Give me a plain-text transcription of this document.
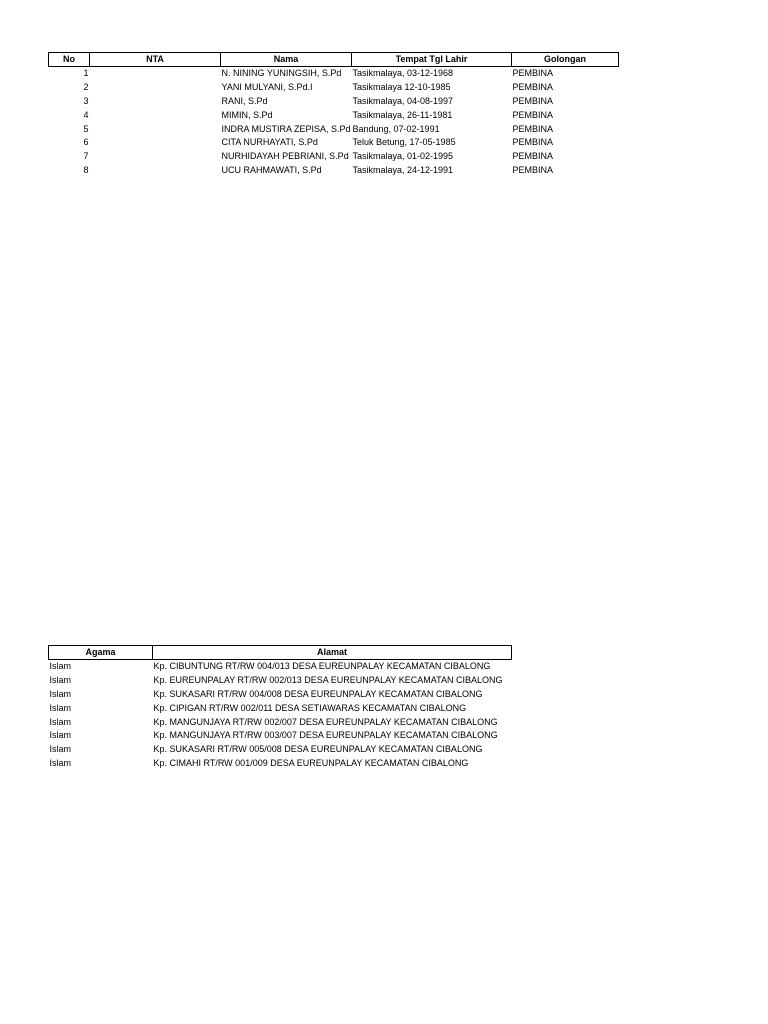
No	NTA	Nama	Tempat Tgl Lahir	Golongan
1		N. NINING YUNINGSIH, S.Pd	Tasikmalaya, 03-12-1968	PEMBINA
2		YANI MULYANI, S.Pd.I	Tasikmalaya 12-10-1985	PEMBINA
3		RANI, S.Pd	Tasikmalaya, 04-08-1997	PEMBINA
4		MIMIN, S.Pd	Tasikmalaya, 26-11-1981	PEMBINA
5		INDRA MUSTIRA ZEPISA, S.Pd	Bandung, 07-02-1991	PEMBINA
6		CITA NURHAYATI, S.Pd	Teluk Betung, 17-05-1985	PEMBINA
7		NURHIDAYAH PEBRIANI, S.Pd	Tasikmalaya, 01-02-1995	PEMBINA
8		UCU RAHMAWATI, S.Pd	Tasikmalaya, 24-12-1991	PEMBINA
Agama	Alamat
Islam	Kp. CIBUNTUNG RT/RW 004/013 DESA EUREUNPALAY KECAMATAN CIBALONG
Islam	Kp. EUREUNPALAY RT/RW 002/013 DESA EUREUNPALAY KECAMATAN CIBALONG
Islam	Kp. SUKASARI RT/RW 004/008 DESA EUREUNPALAY KECAMATAN CIBALONG
Islam	Kp. CIPIGAN RT/RW 002/011 DESA SETIAWARAS KECAMATAN CIBALONG
Islam	Kp. MANGUNJAYA RT/RW 002/007 DESA EUREUNPALAY KECAMATAN CIBALONG
Islam	Kp. MANGUNJAYA RT/RW 003/007 DESA EUREUNPALAY KECAMATAN CIBALONG
Islam	Kp. SUKASARI RT/RW 005/008 DESA EUREUNPALAY KECAMATAN CIBALONG
Islam	Kp. CIMAHI RT/RW 001/009 DESA EUREUNPALAY KECAMATAN CIBALONG
